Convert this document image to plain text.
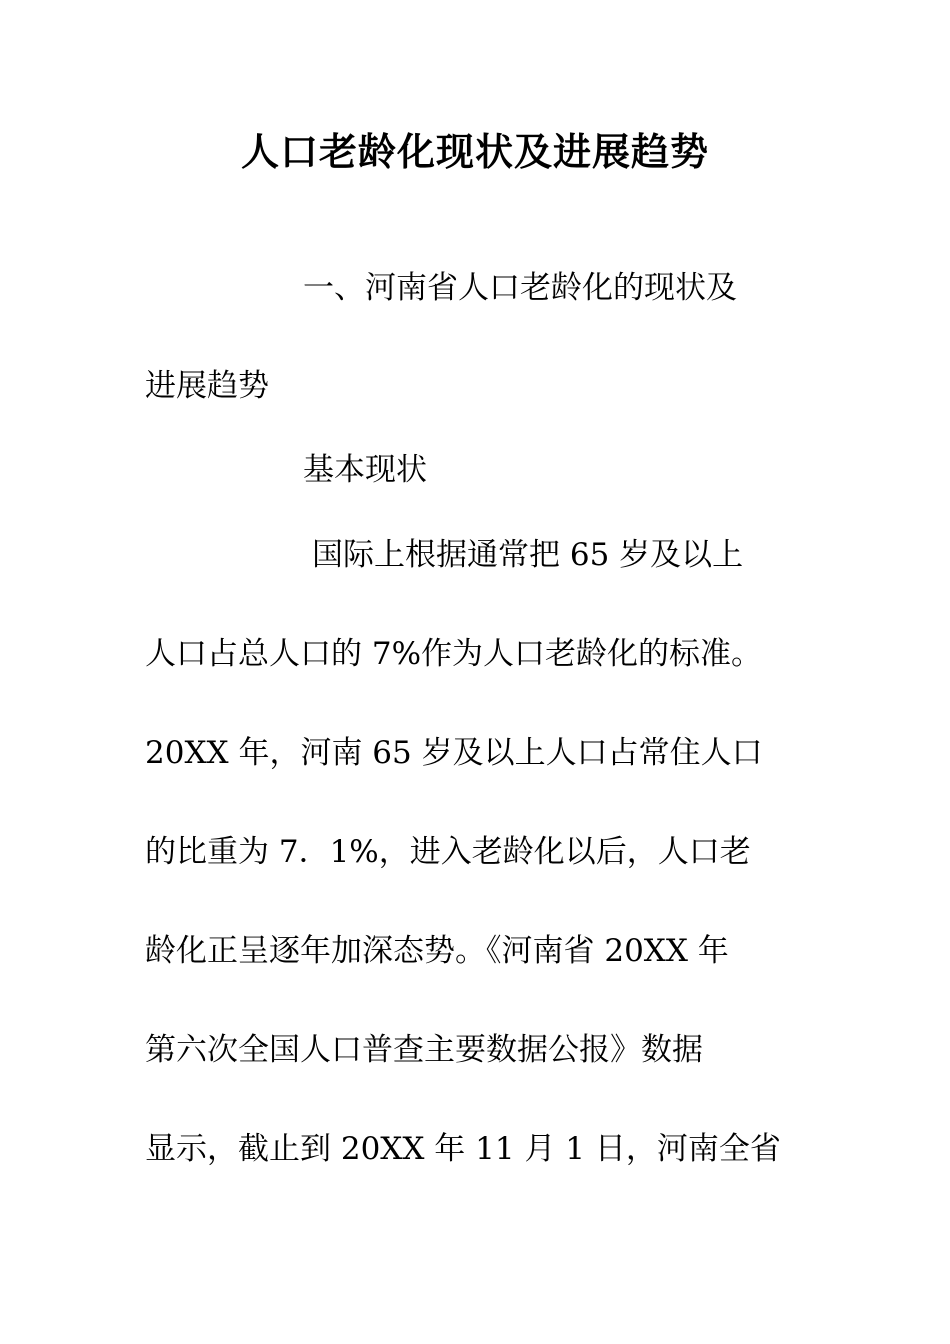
人口老龄化现状及进展趋势
一、河南省人口老龄化的现状及
进展趋势
基本现状
国际上根据通常把 65 岁及以上
人口占总人口的 7%作为人口老龄化的标准。
20XX 年，河南 65 岁及以上人口占常住人口
的比重为 7．1%，进入老龄化以后，人口老
龄化正呈逐年加深态势。《河南省 20XX 年
第六次全国人口普查主要数据公报》数据
显示，截止到 20XX 年 11 月 1 日，河南全省
